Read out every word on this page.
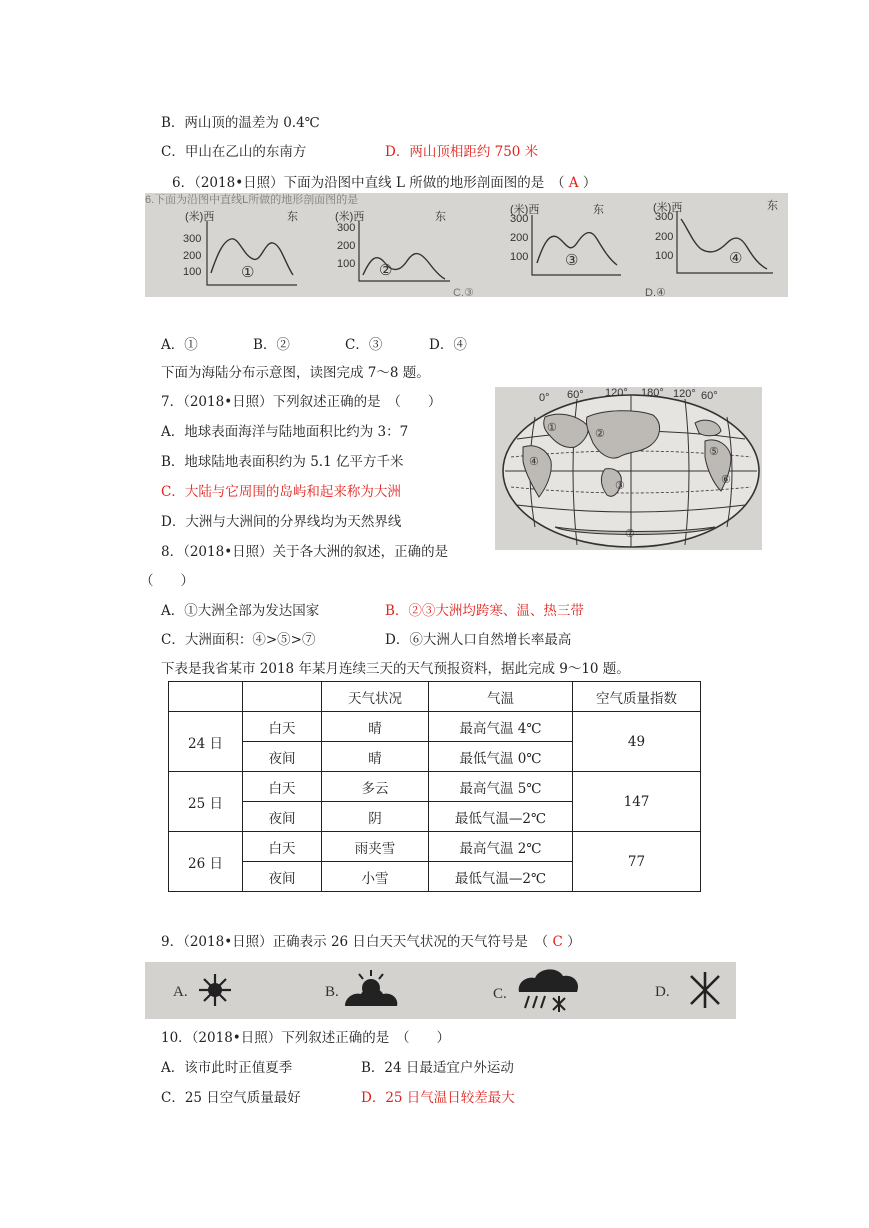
B．两山顶的温差为 0.4℃
C．甲山在乙山的东南方	D．两山顶相距约 750 米
6．（2018•日照）下面为沿图中直线 L 所做的地形剖面图的是　（ A ）
6.下面为沿图中直线L所做的地形剖面图的是
(米)西	东
300
200
100	①
(米)西	东
300
200
100 ②
(米)西	东
300
200
100 ③
(米)西	东
300
200
100	④
C.③	D.④
A．①	B．②	C．③	D．④
下面为海陆分布示意图，读图完成 7～8 题。
7．（2018•日照）下列叙述正确的是　（　　）
A．地球表面海洋与陆地面积比约为 3：7
B．地球陆地表面积约为 5.1 亿平方千米
C．大陆与它周围的岛屿和起来称为大洲
D．大洲与大洲间的分界线均为天然界线
0° 60° 120° 180° 120° 60°
①	②
③
④
⑤
⑥
⑦
8．（2018•日照）关于各大洲的叙述，正确的是
（　　）
A．①大洲全部为发达国家	B．②③大洲均跨寒、温、热三带
C．大洲面积：④>⑤>⑦	D．⑥大洲人口自然增长率最高
下表是我省某市 2018 年某月连续三天的天气预报资料，据此完成 9～10 题。
		天气状况	气温	空气质量指数
24 日	白天	晴	最高气温 4℃	49
	夜间	晴	最低气温 0℃	
25 日	白天	多云	最高气温 5℃	147
	夜间	阴	最低气温—2℃	
26 日	白天	雨夹雪	最高气温 2℃	77
	夜间	小雪	最低气温—2℃	
9．（2018•日照）正确表示 26 日白天天气状况的天气符号是　（ C ）
A.	B.	C.	D.
10．（2018•日照）下列叙述正确的是　（　　）
A．该市此时正值夏季	B．24 日最适宜户外运动
C．25 日空气质量最好	D．25 日气温日较差最大
